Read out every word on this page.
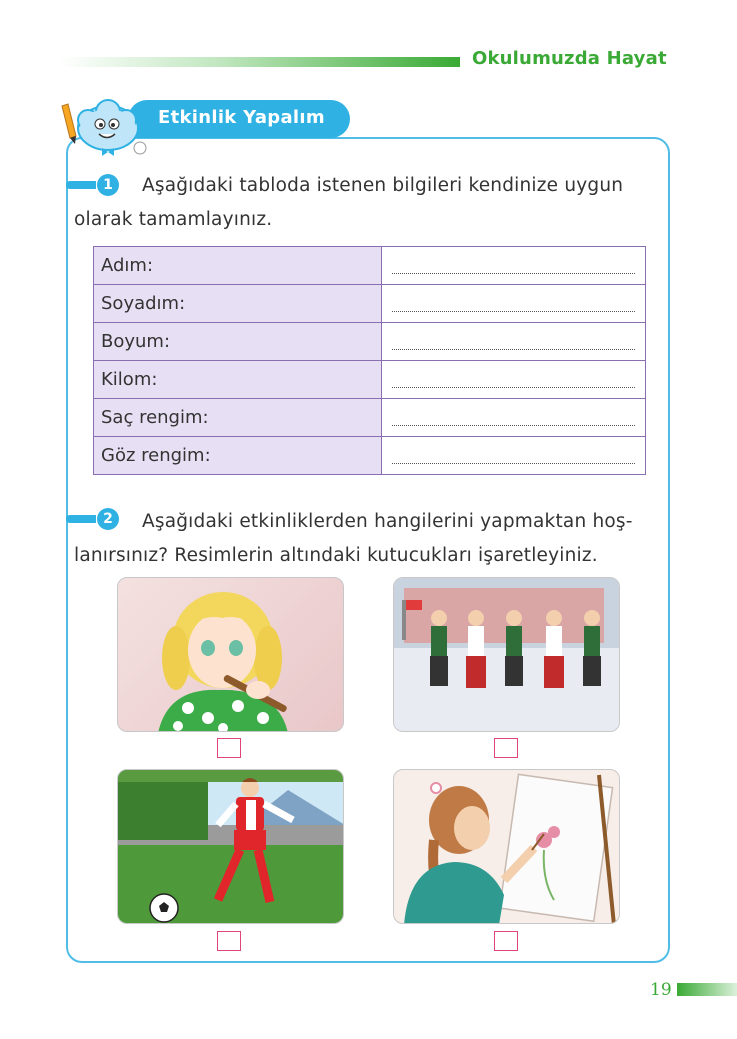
Okulumuzda Hayat
Etkinlik Yapalım
1	Aşağıdaki tabloda istenen bilgileri kendinize uygun
olarak tamamlayınız.
Adım:	

Soyadım:	

Boyum:	

Kilom:	

Saç rengim:	

Göz rengim:	
2	Aşağıdaki etkinliklerden hangilerini yapmaktan hoş-
lanırsınız? Resimlerin altındaki kutucukları işaretleyiniz.
19
